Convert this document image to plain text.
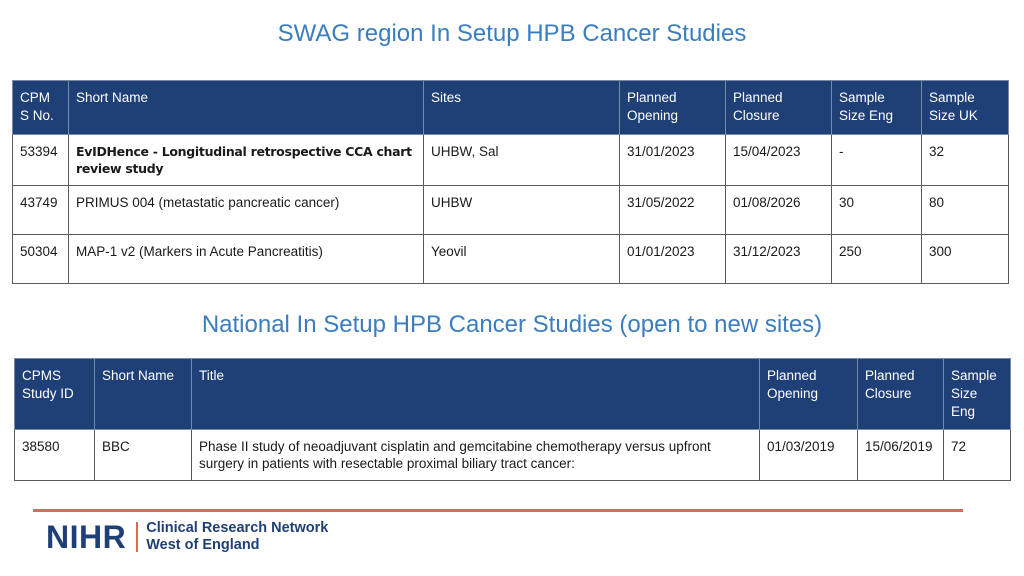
SWAG region In Setup HPB Cancer Studies
CPM S No.	Short Name	Sites	Planned Opening	Planned Closure	Sample Size Eng	Sample Size UK
53394	EvIDHence - Longitudinal retrospective CCA chart review study	UHBW, Sal	31/01/2023	15/04/2023	-	32
43749	PRIMUS 004 (metastatic pancreatic cancer)	UHBW	31/05/2022	01/08/2026	30	80
50304	MAP-1 v2 (Markers in Acute Pancreatitis)	Yeovil	01/01/2023	31/12/2023	250	300
National In Setup HPB Cancer Studies (open to new sites)
CPMS Study ID	Short Name	Title	Planned Opening	Planned Closure	Sample Size Eng
38580	BBC	Phase II study of neoadjuvant cisplatin and gemcitabine chemotherapy versus upfront surgery in patients with resectable proximal biliary tract cancer:	01/03/2019	15/06/2019	72
NIHR Clinical Research Network
West of England
